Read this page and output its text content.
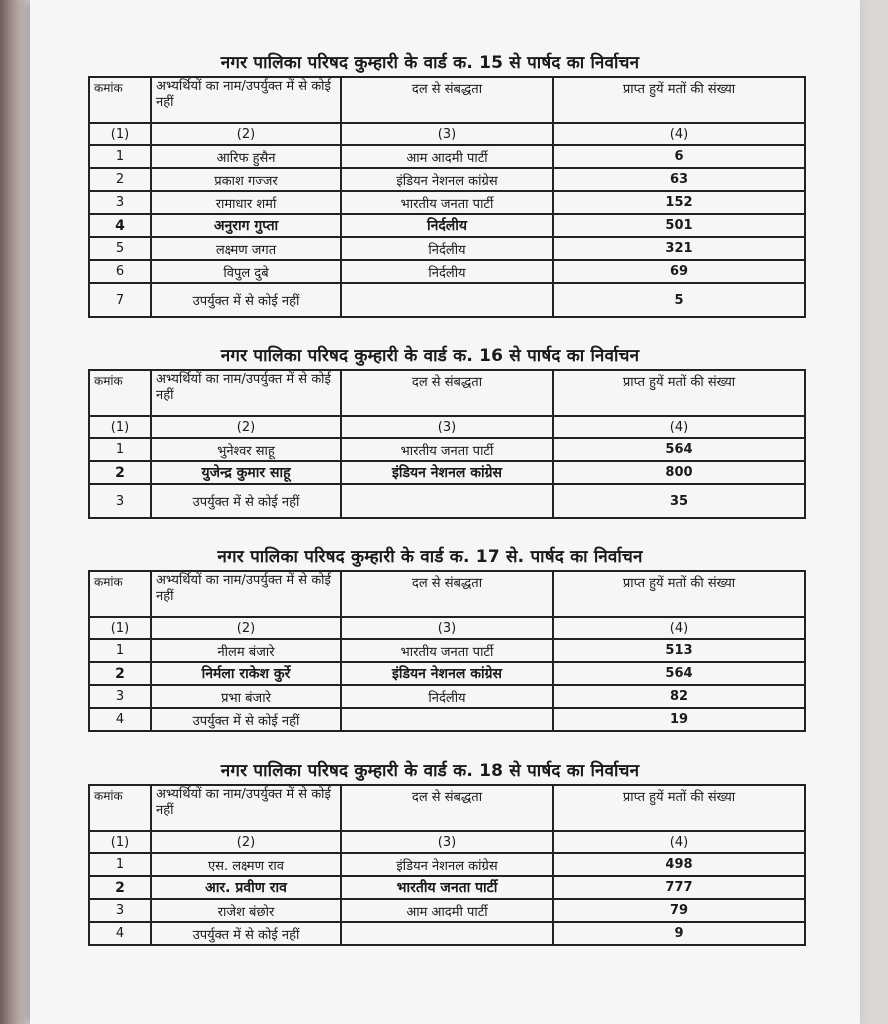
नगर पालिका परिषद कुम्हारी के वार्ड क. 15 से पार्षद का निर्वाचन
कमांक	अभ्यर्थियों का नाम/उपर्युक्त में से कोई नहीं	दल से संबद्धता	प्राप्त हुयें मतों की संख्या
(1)	(2)	(3)	(4)
1	आरिफ हुसैन	आम आदमी पार्टी	6
2	प्रकाश गज्जर	इंडियन नेशनल कांग्रेस	63
3	रामाधार शर्मा	भारतीय जनता पार्टी	152
4	अनुराग गुप्ता	निर्दलीय	501
5	लक्ष्मण जगत	निर्दलीय	321
6	विपुल दुबे	निर्दलीय	69
7	उपर्युक्त में से कोई नहीं		5
नगर पालिका परिषद कुम्हारी के वार्ड क. 16 से पार्षद का निर्वाचन
कमांक	अभ्यर्थियों का नाम/उपर्युक्त में से कोई नहीं	दल से संबद्धता	प्राप्त हुयें मतों की संख्या
(1)	(2)	(3)	(4)
1	भुनेश्वर साहू	भारतीय जनता पार्टी	564
2	युजेन्द्र कुमार साहू	इंडियन नेशनल कांग्रेस	800
3	उपर्युक्त में से कोई नहीं		35
नगर पालिका परिषद कुम्हारी के वार्ड क. 17 से. पार्षद का निर्वाचन
कमांक	अभ्यर्थियों का नाम/उपर्युक्त में से कोई नहीं	दल से संबद्धता	प्राप्त हुयें मतों की संख्या
(1)	(2)	(3)	(4)
1	नीलम बंजारे	भारतीय जनता पार्टी	513
2	निर्मला राकेश कुर्रे	इंडियन नेशनल कांग्रेस	564
3	प्रभा बंजारे	निर्दलीय	82
4	उपर्युक्त में से कोई नहीं		19
नगर पालिका परिषद कुम्हारी के वार्ड क. 18 से पार्षद का निर्वाचन
कमांक	अभ्यर्थियों का नाम/उपर्युक्त में से कोई नहीं	दल से संबद्धता	प्राप्त हुयें मतों की संख्या
(1)	(2)	(3)	(4)
1	एस. लक्ष्मण राव	इंडियन नेशनल कांग्रेस	498
2	आर. प्रवीण राव	भारतीय जनता पार्टी	777
3	राजेश बंछोर	आम आदमी पार्टी	79
4	उपर्युक्त में से कोई नहीं		9
